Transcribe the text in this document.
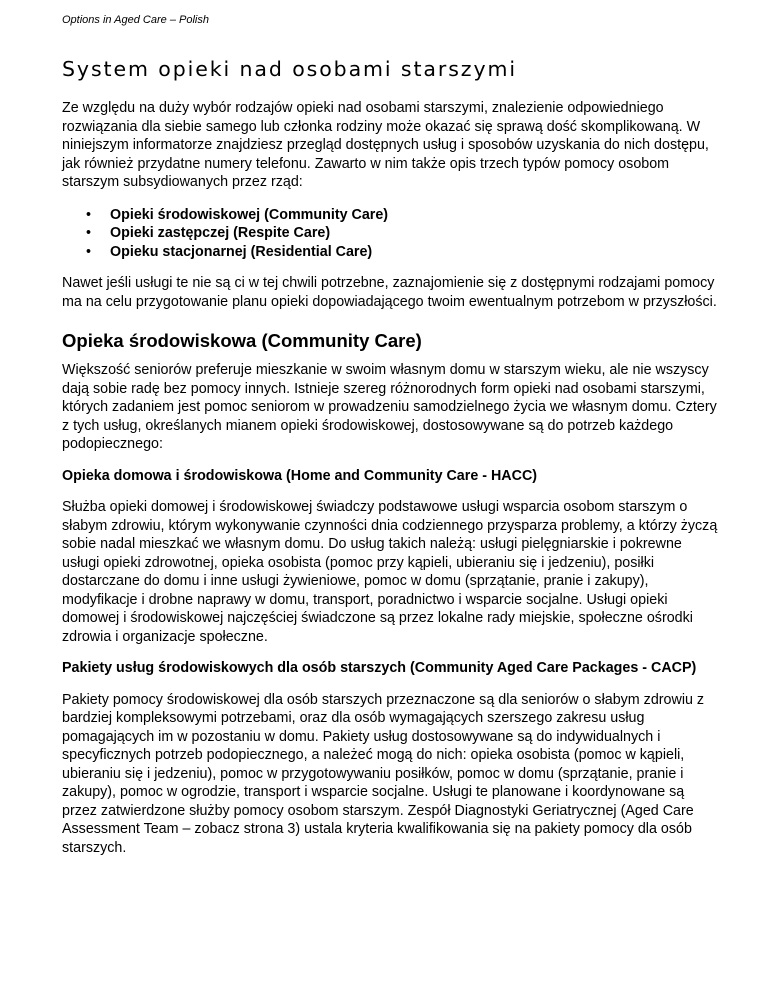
Options in Aged Care – Polish
System opieki nad osobami starszymi

Ze względu na duży wybór rodzajów opieki nad osobami starszymi, znalezienie odpowiedniego rozwiązania dla siebie samego lub członka rodziny może okazać się sprawą dość skomplikowaną. W niniejszym informatorze znajdziesz przegląd dostępnych usług i sposobów uzyskania do nich dostępu, jak również przydatne numery telefonu. Zawarto w nim także opis trzech typów pomocy osobom starszym subsydiowanych przez rząd:

• Opieki środowiskowej (Community Care)
• Opieki zastępczej (Respite Care)
• Opieku stacjonarnej (Residential Care)

Nawet jeśli usługi te nie są ci w tej chwili potrzebne, zaznajomienie się z dostępnymi rodzajami pomocy ma na celu przygotowanie planu opieki dopowiadającego twoim ewentualnym potrzebom w przyszłości.

Opieka środowiskowa (Community Care)

Większość seniorów preferuje mieszkanie w swoim własnym domu w starszym wieku, ale nie wszyscy dają sobie radę bez pomocy innych. Istnieje szereg różnorodnych form opieki nad osobami starszymi, których zadaniem jest pomoc seniorom w prowadzeniu samodzielnego życia we własnym domu. Cztery z tych usług, określanych mianem opieki środowiskowej, dostosowywane są do potrzeb każdego podopiecznego:

Opieka domowa i środowiskowa (Home and Community Care - HACC)

Służba opieki domowej i środowiskowej świadczy podstawowe usługi wsparcia osobom starszym o słabym zdrowiu, którym wykonywanie czynności dnia codziennego przysparza problemy, a którzy życzą sobie nadal mieszkać we własnym domu. Do usług takich należą: usługi pielęgniarskie i pokrewne usługi opieki zdrowotnej, opieka osobista (pomoc przy kąpieli, ubieraniu się i jedzeniu), posiłki dostarczane do domu i inne usługi żywieniowe, pomoc w domu (sprzątanie, pranie i zakupy), modyfikacje i drobne naprawy w domu, transport, poradnictwo i wsparcie socjalne. Usługi opieki domowej i środowiskowej najczęściej świadczone są przez lokalne rady miejskie, społeczne ośrodki zdrowia i organizacje społeczne.

Pakiety usług środowiskowych dla osób starszych (Community Aged Care Packages - CACP)

Pakiety pomocy środowiskowej dla osób starszych przeznaczone są dla seniorów o słabym zdrowiu z bardziej kompleksowymi potrzebami, oraz dla osób wymagających szerszego zakresu usług pomagających im w pozostaniu w domu. Pakiety usług dostosowywane są do indywidualnych i specyficznych potrzeb podopiecznego, a należeć mogą do nich: opieka osobista (pomoc w kąpieli, ubieraniu się i jedzeniu), pomoc w przygotowywaniu posiłków, pomoc w domu (sprzątanie, pranie i zakupy), pomoc w ogrodzie, transport i wsparcie socjalne. Usługi te planowane i koordynowane są przez zatwierdzone służby pomocy osobom starszym. Zespół Diagnostyki Geriatrycznej (Aged Care Assessment Team – zobacz strona 3) ustala kryteria kwalifikowania się na pakiety pomocy dla osób starszych.
